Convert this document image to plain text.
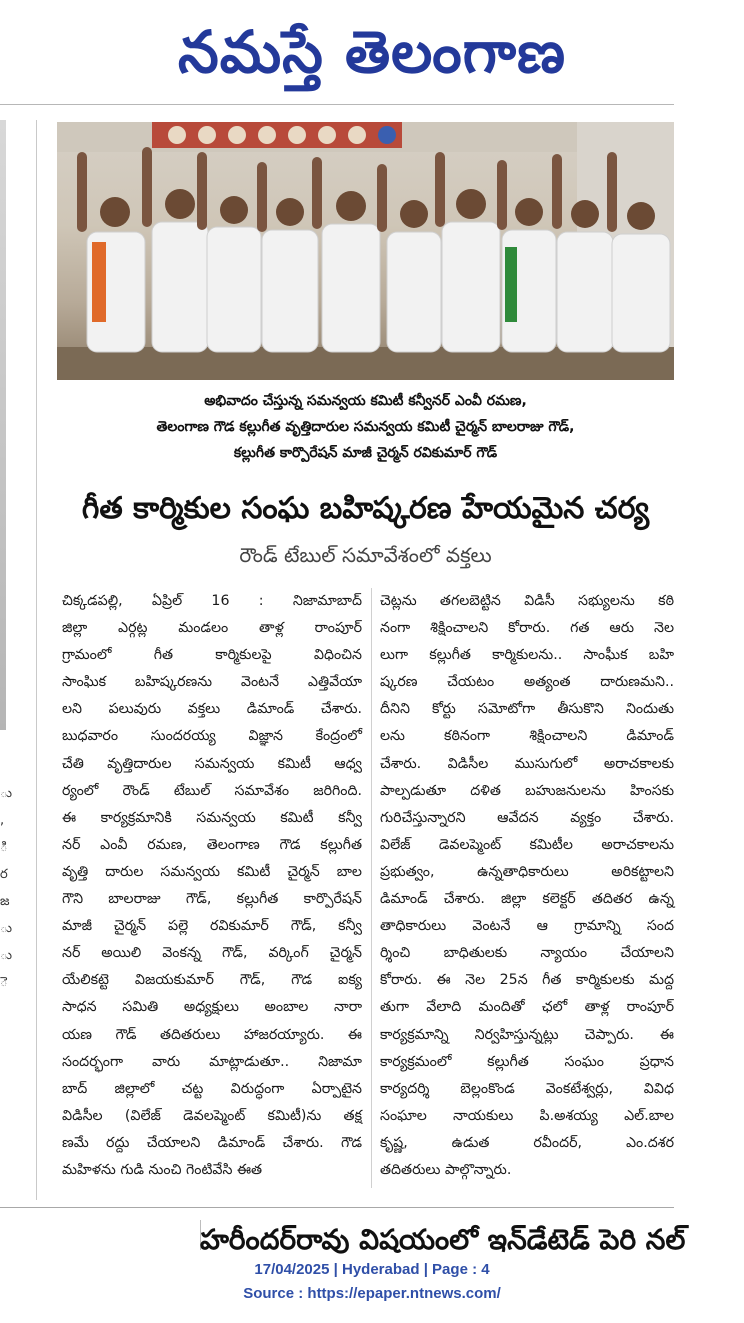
నమస్తే తెలంగాణ
ు
,
ి
ర
జ
ు
ు
ె
అభివాదం చేస్తున్న సమన్వయ కమిటీ కన్వీనర్ ఎంవీ రమణ,
తెలంగాణ గౌడ కల్లుగీత వృత్తిదారుల సమన్వయ కమిటీ చైర్మన్ బాలరాజు గౌడ్,
కల్లుగీత కార్పొరేషన్ మాజీ చైర్మన్ రవికుమార్ గౌడ్
గీత కార్మికుల సంఘ బహిష్కరణ హేయమైన చర్య
రౌండ్ టేబుల్ సమావేశంలో వక్తలు
చిక్కడపల్లి, ఏప్రిల్ 16 : నిజామాబాద్
జిల్లా ఎర్గట్ల మండలం తాళ్ల రాంపూర్
గ్రామంలో గీత కార్మికులపై విధించిన
సాంఘిక బహిష్కరణను వెంటనే ఎత్తివేయా
లని పలువురు వక్తలు డిమాండ్ చేశారు.
బుధవారం సుందరయ్య విజ్ఞాన కేంద్రంలో
చేతి వృత్తిదారుల సమన్వయ కమిటీ ఆధ్వ
ర్యంలో రౌండ్ టేబుల్ సమావేశం జరిగింది.
ఈ కార్యక్రమానికి సమన్వయ కమిటీ కన్వీ
నర్ ఎంవీ రమణ, తెలంగాణ గౌడ కల్లుగీత
వృత్తి దారుల సమన్వయ కమిటీ చైర్మన్ బాల
గౌని బాలరాజు గౌడ్, కల్లుగీత కార్పొరేషన్
మాజీ చైర్మన్ పల్లె రవికుమార్ గౌడ్, కన్వీ
నర్ అయిలి వెంకన్న గౌడ్, వర్కింగ్ చైర్మన్
యేలికట్టె విజయకుమార్ గౌడ్, గౌడ ఐక్య
సాధన సమితి అధ్యక్షులు అంబాల నారా
యణ గౌడ్ తదితరులు హాజరయ్యారు. ఈ
సందర్భంగా వారు మాట్లాడుతూ.. నిజామా
బాద్ జిల్లాలో చట్ట విరుద్ధంగా ఏర్పాటైన
విడిసీల (విలేజ్ డెవలప్మెంట్ కమిటీ)ను తక్ష
ణమే రద్దు చేయాలని డిమాండ్ చేశారు. గౌడ
మహిళను గుడి నుంచి గెంటివేసి ఈత
చెట్లను తగలబెట్టిన విడిసీ సభ్యులను కఠి
నంగా శిక్షించాలని కోరారు. గత ఆరు నెల
లుగా కల్లుగీత కార్మికులను.. సాంఘీక బహి
ష్కరణ చేయటం అత్యంత దారుణమని..
దీనిని కోర్టు సమోటోగా తీసుకొని నిందుతు
లను కఠినంగా శిక్షించాలని డిమాండ్
చేశారు. విడిసీల ముసుగులో అరాచకాలకు
పాల్పడుతూ దళిత బహుజనులను హింసకు
గురిచేస్తున్నారని ఆవేదన వ్యక్తం చేశారు.
విలేజ్ డెవలప్మెంట్ కమిటీల అరాచకాలను
ప్రభుత్వం, ఉన్నతాధికారులు అరికట్టాలని
డిమాండ్ చేశారు. జిల్లా కలెక్టర్ తదితర ఉన్న
తాధికారులు వెంటనే ఆ గ్రామాన్ని సంద
ర్శించి బాధితులకు న్యాయం చేయాలని
కోరారు. ఈ నెల 25న గీత కార్మికులకు మద్ద
తుగా వేలాది మందితో ఛలో తాళ్ల రాంపూర్
కార్యక్రమాన్ని నిర్వహిస్తున్నట్లు చెప్పారు. ఈ
కార్యక్రమంలో కల్లుగీత సంఘం ప్రధాన
కార్యదర్శి బెల్లంకొండ వెంకటేశ్వర్లు, వివిధ
సంఘాల నాయకులు పి.అశయ్య ఎల్.బాల
కృష్ణ, ఉడుత రవీందర్, ఎం.దశర
తదితరులు పాల్గొన్నారు.
హరీందర్‌రావు విషయంలో ఇన్‌డేటెడ్ పెరి నల్
17/04/2025 | Hyderabad | Page : 4
Source : https://epaper.ntnews.com/
